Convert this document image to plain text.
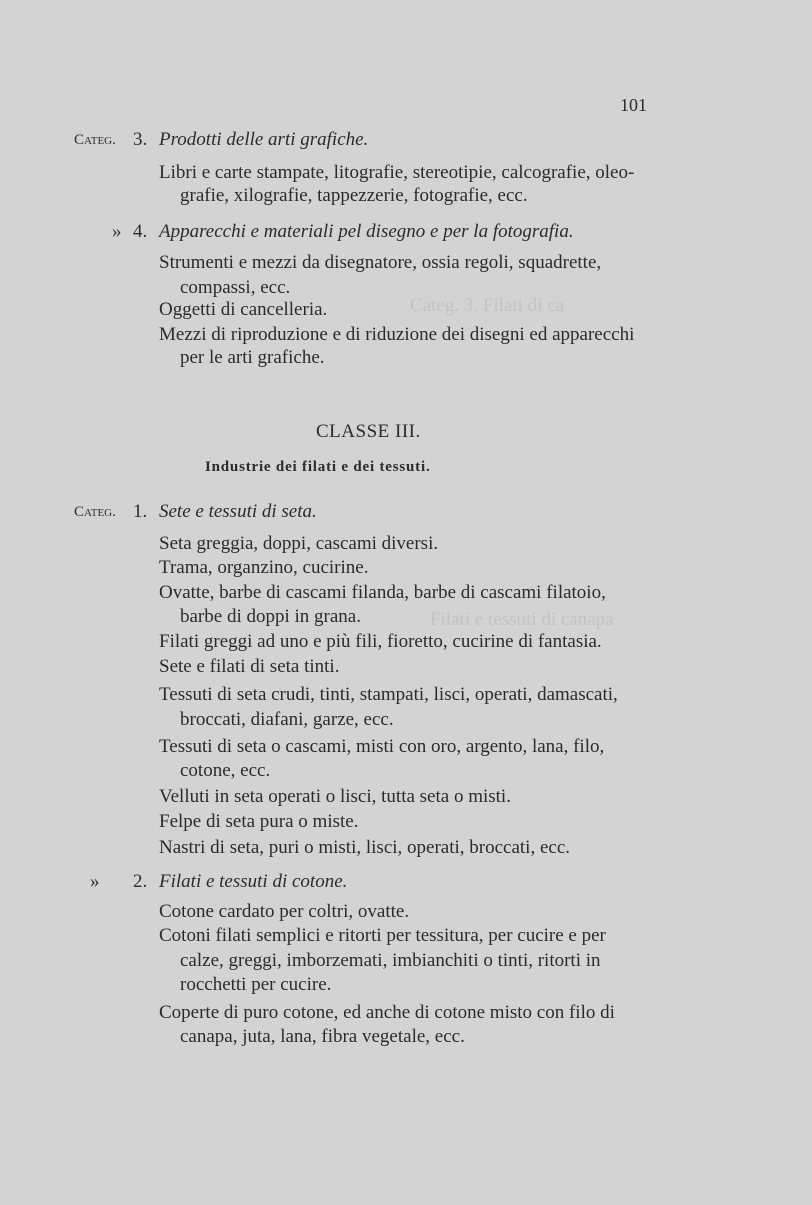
Categ. 3. Filati di ca
Filati e tessuti di canapa
101
Categ. 3. Prodotti delle arti grafiche.
Libri e carte stampate, litografie, stereotipie, calcografie, oleo-
grafie, xilografie, tappezzerie, fotografie, ecc.
» 4. Apparecchi e materiali pel disegno e per la fotografia.
Strumenti e mezzi da disegnatore, ossia regoli, squadrette,
compassi, ecc.
Oggetti di cancelleria.
Mezzi di riproduzione e di riduzione dei disegni ed apparecchi
per le arti grafiche.
CLASSE III.
Industrie dei filati e dei tessuti.
Categ. 1. Sete e tessuti di seta.
Seta greggia, doppi, cascami diversi.
Trama, organzino, cucirine.
Ovatte, barbe di cascami filanda, barbe di cascami filatoio,
barbe di doppi in grana.
Filati greggi ad uno e più fili, fioretto, cucirine di fantasia.
Sete e filati di seta tinti.
Tessuti di seta crudi, tinti, stampati, lisci, operati, damascati,
broccati, diafani, garze, ecc.
Tessuti di seta o cascami, misti con oro, argento, lana, filo,
cotone, ecc.
Velluti in seta operati o lisci, tutta seta o misti.
Felpe di seta pura o miste.
Nastri di seta, puri o misti, lisci, operati, broccati, ecc.
» 2. Filati e tessuti di cotone.
Cotone cardato per coltri, ovatte.
Cotoni filati semplici e ritorti per tessitura, per cucire e per
calze, greggi, imborzemati, imbianchiti o tinti, ritorti in
rocchetti per cucire.
Coperte di puro cotone, ed anche di cotone misto con filo di
canapa, juta, lana, fibra vegetale, ecc.
